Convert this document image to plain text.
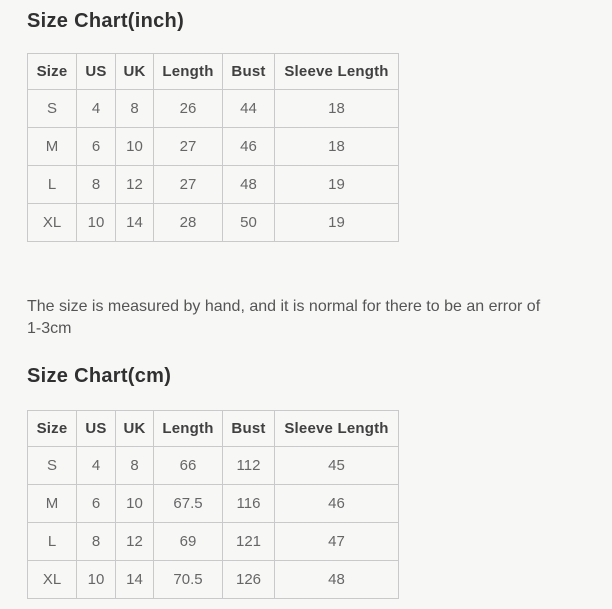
Size Chart(inch)
Size	US	UK	Length	Bust	Sleeve Length
S	4	8	26	44	18
M	6	10	27	46	18
L	8	12	27	48	19
XL	10	14	28	50	19

The size is measured by hand, and it is normal for there to be an error of 1-3cm

Size Chart(cm)
Size	US	UK	Length	Bust	Sleeve Length
S	4	8	66	112	45
M	6	10	67.5	116	46
L	8	12	69	121	47
XL	10	14	70.5	126	48
